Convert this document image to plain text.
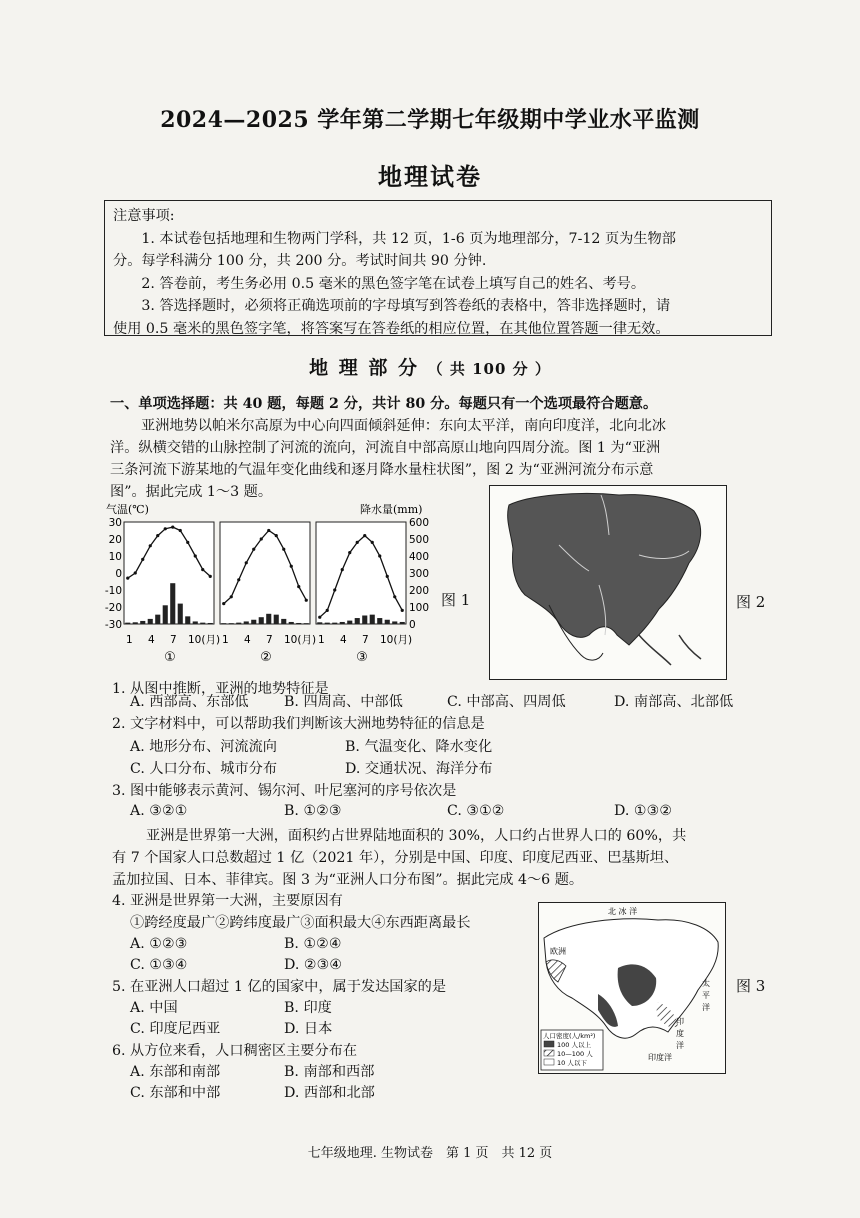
2024—2025 学年第二学期七年级期中学业水平监测
地理试卷

注意事项:

1. 本试卷包括地理和生物两门学科，共 12 页，1-6 页为地理部分，7-12 页为生物部

分。每学科满分 100 分，共 200 分。考试时间共 90 分钟.

2. 答卷前，考生务必用 0.5 毫米的黑色签字笔在试卷上填写自己的姓名、考号。

3. 答选择题时，必须将正确选项前的字母填写到答卷纸的表格中，答非选择题时，请

使用 0.5 毫米的黑色签字笔，将答案写在答卷纸的相应位置，在其他位置答题一律无效。

地 理 部 分 （ 共 100 分 ）
一、单项选择题：共 40 题，每题 2 分，共计 80 分。每题只有一个选项最符合题意。
亚洲地势以帕米尔高原为中心向四面倾斜延伸：东向太平洋，南向印度洋，北向北冰
洋。纵横交错的山脉控制了河流的流向，河流自中部高原山地向四周分流。图 1 为“亚洲
三条河流下游某地的气温年变化曲线和逐月降水量柱状图”，图 2 为“亚洲河流分布示意
图”。据此完成 1～3 题。
气温(℃)	降水量(mm)
30
20
10
0
-10
-20
-30
600
500
400
300
200
100
0
1 4 7 10(月) 1 4 7 10(月) 1 4 7 10(月)
①	②	③
图 1	图 2
1. 从图中推断，亚洲的地势特征是
A. 西部高、东部低 B. 四周高、中部低	C. 中部高、四周低	D. 南部高、北部低
2. 文字材料中，可以帮助我们判断该大洲地势特征的信息是
A. 地形分布、河流流向	B. 气温变化、降水变化
C. 人口分布、城市分布	D. 交通状况、海洋分布
3. 图中能够表示黄河、锡尔河、叶尼塞河的序号依次是
A. ③②①	B. ①②③	C. ③①②	D. ①③②
亚洲是世界第一大洲，面积约占世界陆地面积的 30%，人口约占世界人口的 60%，共
有 7 个国家人口总数超过 1 亿（2021 年），分别是中国、印度、印度尼西亚、巴基斯坦、
孟加拉国、日本、菲律宾。图 3 为“亚洲人口分布图”。据此完成 4～6 题。
4. 亚洲是世界第一大洲，主要原因有
①跨经度最广②跨纬度最广③面积最大④东西距离最长
A. ①②③	B. ①②④
C. ①③④	D. ②③④
5. 在亚洲人口超过 1 亿的国家中，属于发达国家的是
A. 中国	B. 印度
C. 印度尼西亚	D. 日本
6. 从方位来看，人口稠密区主要分布在
A. 东部和南部	B. 南部和西部
C. 东部和中部	D. 西部和北部
北 冰 洋
欧洲
太
平
洋
印
度
洋
印度洋
人口密度(人/km²)
100 人以上
10—100 人
10 人以下
图 3
七年级地理. 生物试卷　第 1 页　共 12 页
